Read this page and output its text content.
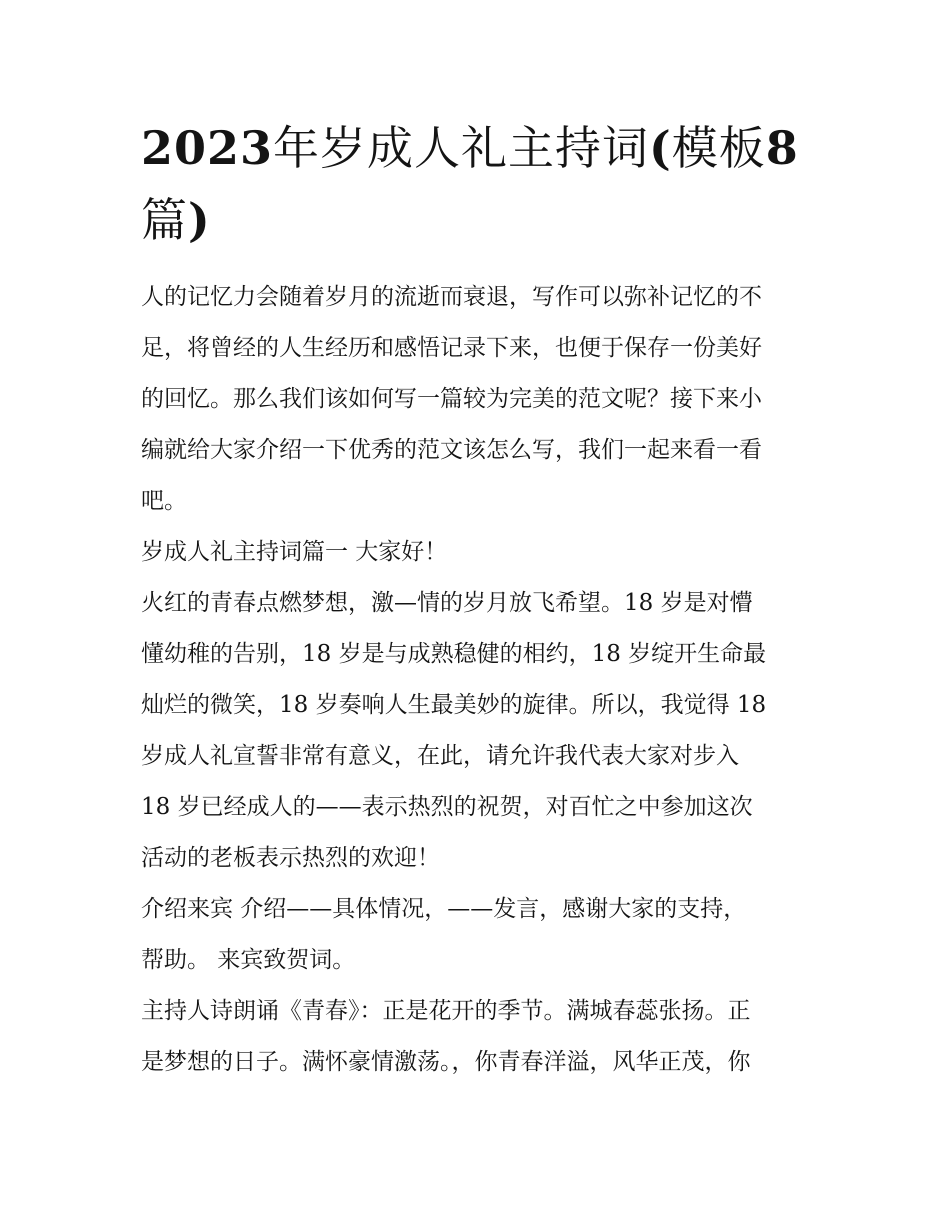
2023年岁成人礼主持词(模板8
篇)

人的记忆力会随着岁月的流逝而衰退，写作可以弥补记忆的不
足，将曾经的人生经历和感悟记录下来，也便于保存一份美好
的回忆。那么我们该如何写一篇较为完美的范文呢？接下来小
编就给大家介绍一下优秀的范文该怎么写，我们一起来看一看
吧。

岁成人礼主持词篇一 大家好！

火红的青春点燃梦想，激—情的岁月放飞希望。18 岁是对懵
懂幼稚的告别，18 岁是与成熟稳健的相约，18 岁绽开生命最
灿烂的微笑，18 岁奏响人生最美妙的旋律。所以，我觉得 18
岁成人礼宣誓非常有意义，在此，请允许我代表大家对步入
18 岁已经成人的——表示热烈的祝贺，对百忙之中参加这次
活动的老板表示热烈的欢迎！

介绍来宾 介绍——具体情况，——发言，感谢大家的支持，
帮助。 来宾致贺词。

主持人诗朗诵《青春》：正是花开的季节。满城春蕊张扬。正
是梦想的日子。满怀豪情激荡。，你青春洋溢，风华正茂，你
